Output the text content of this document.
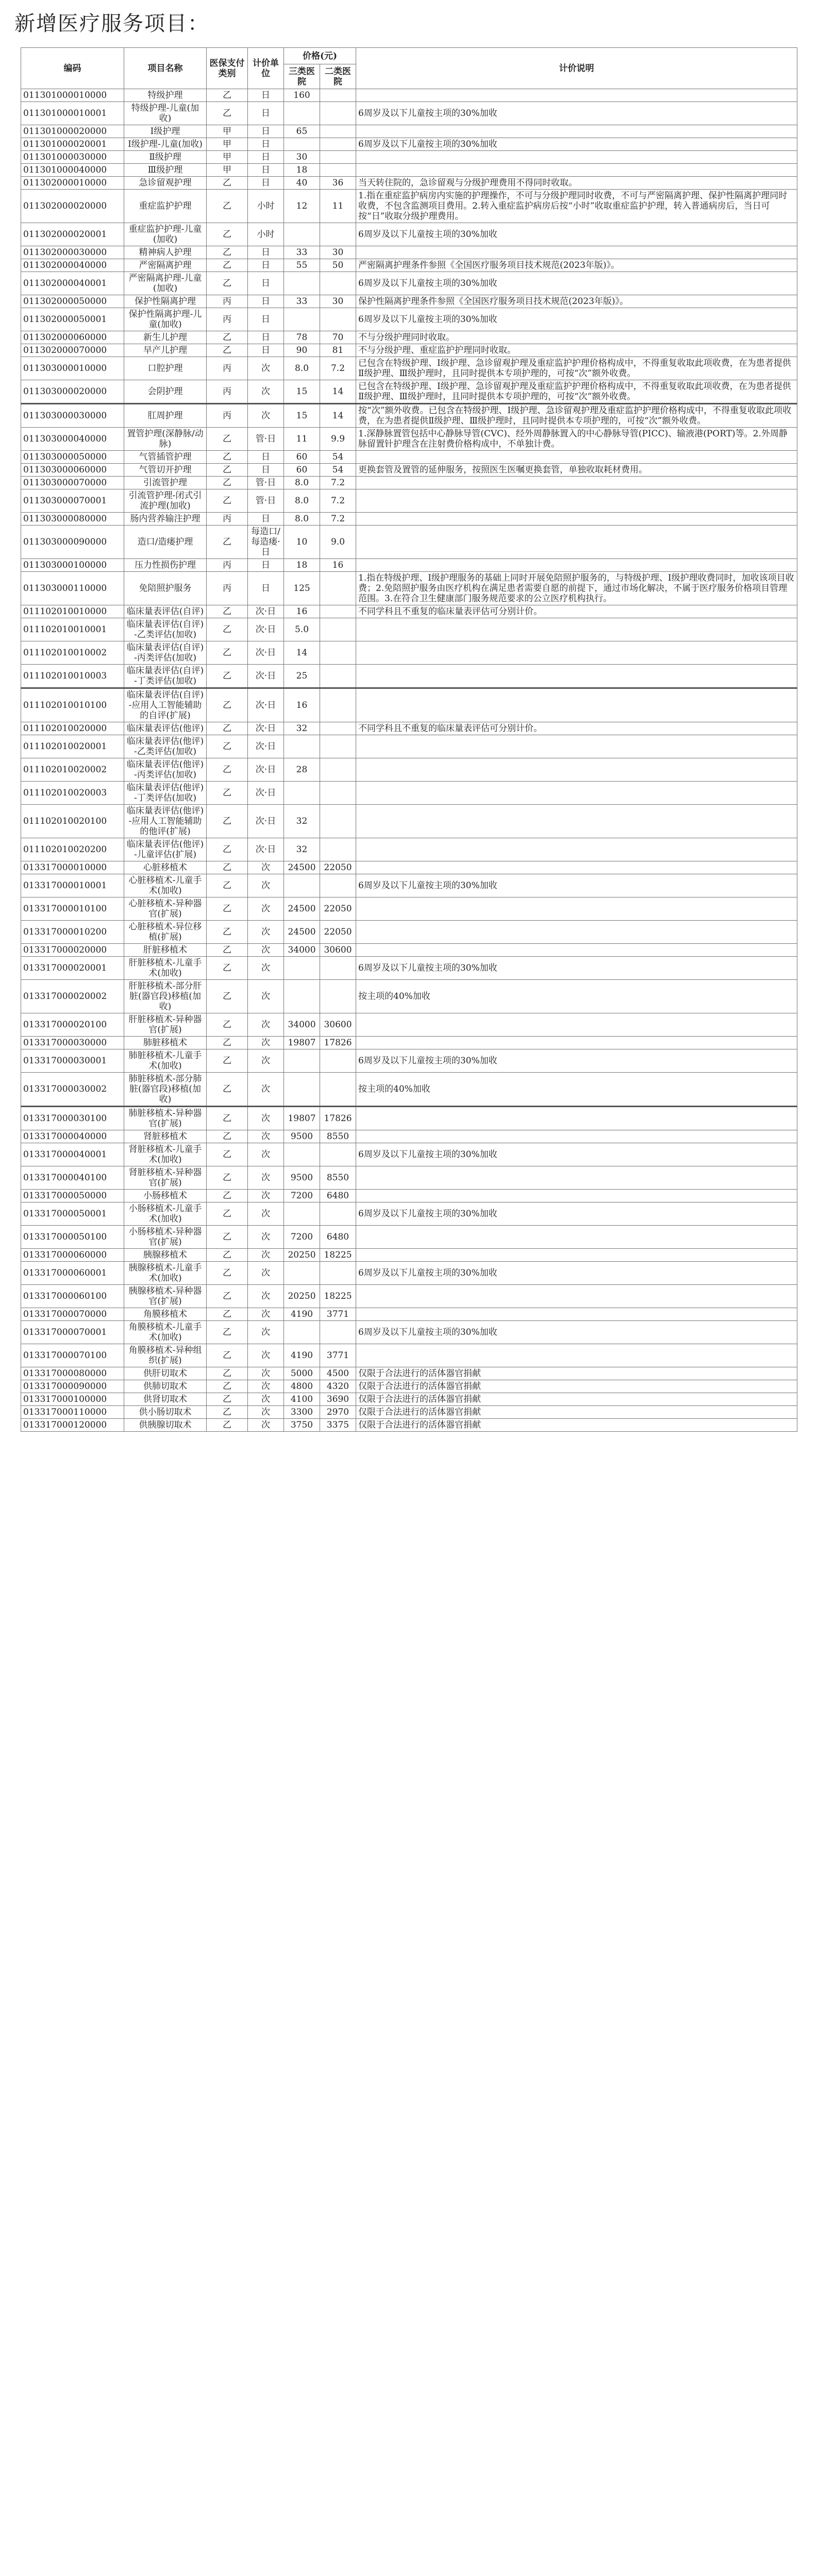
新增医疗服务项目：
编码	项目名称	医保支付类别	计价单位	价格(元)		计价说明
				三类医院	二类医院	
011301000010000	特级护理	乙	日	160		
011301000010001	特级护理-儿童(加收)	乙	日			6周岁及以下儿童按主项的30%加收
011301000020000	Ⅰ级护理	甲	日	65		
011301000020001	Ⅰ级护理-儿童(加收)	甲	日			6周岁及以下儿童按主项的30%加收
011301000030000	Ⅱ级护理	甲	日	30		
011301000040000	Ⅲ级护理	甲	日	18		
011302000010000	急诊留观护理	乙	日	40	36	当天转住院的，急诊留观与分级护理费用不得同时收取。
011302000020000	重症监护护理	乙	小时	12	11	1.指在重症监护病房内实施的护理操作，不可与分级护理同时收费，不可与严密隔离护理、保护性隔离护理同时收费，不包含监测项目费用。2.转入重症监护病房后按“小时”收取重症监护护理，转入普通病房后，当日可按“日”收取分级护理费用。
011302000020001	重症监护护理-儿童(加收)	乙	小时			6周岁及以下儿童按主项的30%加收
011302000030000	精神病人护理	乙	日	33	30	
011302000040000	严密隔离护理	乙	日	55	50	严密隔离护理条件参照《全国医疗服务项目技术规范(2023年版)》。
011302000040001	严密隔离护理-儿童(加收)	乙	日			6周岁及以下儿童按主项的30%加收
011302000050000	保护性隔离护理	丙	日	33	30	保护性隔离护理条件参照《全国医疗服务项目技术规范(2023年版)》。
011302000050001	保护性隔离护理-儿童(加收)	丙	日			6周岁及以下儿童按主项的30%加收
011302000060000	新生儿护理	乙	日	78	70	不与分级护理同时收取。
011302000070000	早产儿护理	乙	日	90	81	不与分级护理、重症监护护理同时收取。
011303000010000	口腔护理	丙	次	8.0	7.2	已包含在特级护理、Ⅰ级护理、急诊留观护理及重症监护护理价格构成中，不得重复收取此项收费，在为患者提供Ⅱ级护理、Ⅲ级护理时，且同时提供本专项护理的，可按“次”额外收费。
011303000020000	会阴护理	丙	次	15	14	已包含在特级护理、Ⅰ级护理、急诊留观护理及重症监护护理价格构成中，不得重复收取此项收费，在为患者提供Ⅱ级护理、Ⅲ级护理时，且同时提供本专项护理的，可按“次”额外收费。
011303000030000	肛周护理	丙	次	15	14	按“次”额外收费。已包含在特级护理、Ⅰ级护理、急诊留观护理及重症监护护理价格构成中，不得重复收取此项收费，在为患者提供Ⅱ级护理、Ⅲ级护理时，且同时提供本专项护理的，可按“次”额外收费。
011303000040000	置管护理(深静脉/动脉)	乙	管·日	11	9.9	1.深静脉置管包括中心静脉导管(CVC)、经外周静脉置入的中心静脉导管(PICC)、输液港(PORT)等。2.外周静脉留置针护理含在注射费价格构成中，不单独计费。
011303000050000	气管插管护理	乙	日	60	54	
011303000060000	气管切开护理	乙	日	60	54	更换套管及置管的延伸服务，按照医生医嘱更换套管，单独收取耗材费用。
011303000070000	引流管护理	乙	管·日	8.0	7.2	
011303000070001	引流管护理-闭式引流护理(加收)	乙	管·日	8.0	7.2	
011303000080000	肠内营养输注护理	丙	日	8.0	7.2	
011303000090000	造口/造瘘护理	乙	每造口/每造瘘·日	10	9.0	
011303000100000	压力性损伤护理	丙	日	18	16	
011303000110000	免陪照护服务	丙	日	125		1.指在特级护理、Ⅰ级护理服务的基础上同时开展免陪照护服务的，与特级护理、Ⅰ级护理收费同时，加收该项目收费；2.免陪照护服务由医疗机构在满足患者需要自愿的前提下，通过市场化解决，不属于医疗服务价格项目管理范围。3.在符合卫生健康部门服务规范要求的公立医疗机构执行。
011102010010000	临床量表评估(自评)	乙	次·日	16		不同学科且不重复的临床量表评估可分别计价。
011102010010001	临床量表评估(自评)-乙类评估(加收)	乙	次·日	5.0		
011102010010002	临床量表评估(自评)-丙类评估(加收)	乙	次·日	14		
011102010010003	临床量表评估(自评)-丁类评估(加收)	乙	次·日	25		
011102010010100	临床量表评估(自评)-应用人工智能辅助的自评(扩展)	乙	次·日	16		
011102010020000	临床量表评估(他评)	乙	次·日	32		不同学科且不重复的临床量表评估可分别计价。
011102010020001	临床量表评估(他评)-乙类评估(加收)	乙	次·日			
011102010020002	临床量表评估(他评)-丙类评估(加收)	乙	次·日	28		
011102010020003	临床量表评估(他评)-丁类评估(加收)	乙	次·日			
011102010020100	临床量表评估(他评)-应用人工智能辅助的他评(扩展)	乙	次·日	32		
011102010020200	临床量表评估(他评)-儿童评估(扩展)	乙	次·日	32		
013317000010000	心脏移植术	乙	次	24500	22050	
013317000010001	心脏移植术-儿童手术(加收)	乙	次			6周岁及以下儿童按主项的30%加收
013317000010100	心脏移植术-异种器官(扩展)	乙	次	24500	22050	
013317000010200	心脏移植术-异位移植(扩展)	乙	次	24500	22050	
013317000020000	肝脏移植术	乙	次	34000	30600	
013317000020001	肝脏移植术-儿童手术(加收)	乙	次			6周岁及以下儿童按主项的30%加收
013317000020002	肝脏移植术-部分肝脏(器官段)移植(加收)	乙	次			按主项的40%加收
013317000020100	肝脏移植术-异种器官(扩展)	乙	次	34000	30600	
013317000030000	肺脏移植术	乙	次	19807	17826	
013317000030001	肺脏移植术-儿童手术(加收)	乙	次			6周岁及以下儿童按主项的30%加收
013317000030002	肺脏移植术-部分肺脏(器官段)移植(加收)	乙	次			按主项的40%加收
013317000030100	肺脏移植术-异种器官(扩展)	乙	次	19807	17826	
013317000040000	肾脏移植术	乙	次	9500	8550	
013317000040001	肾脏移植术-儿童手术(加收)	乙	次			6周岁及以下儿童按主项的30%加收
013317000040100	肾脏移植术-异种器官(扩展)	乙	次	9500	8550	
013317000050000	小肠移植术	乙	次	7200	6480	
013317000050001	小肠移植术-儿童手术(加收)	乙	次			6周岁及以下儿童按主项的30%加收
013317000050100	小肠移植术-异种器官(扩展)	乙	次	7200	6480	
013317000060000	胰腺移植术	乙	次	20250	18225	
013317000060001	胰腺移植术-儿童手术(加收)	乙	次			6周岁及以下儿童按主项的30%加收
013317000060100	胰腺移植术-异种器官(扩展)	乙	次	20250	18225	
013317000070000	角膜移植术	乙	次	4190	3771	
013317000070001	角膜移植术-儿童手术(加收)	乙	次			6周岁及以下儿童按主项的30%加收
013317000070100	角膜移植术-异种组织(扩展)	乙	次	4190	3771	
013317000080000	供肝切取术	乙	次	5000	4500	仅限于合法进行的活体器官捐献
013317000090000	供肺切取术	乙	次	4800	4320	仅限于合法进行的活体器官捐献
013317000100000	供肾切取术	乙	次	4100	3690	仅限于合法进行的活体器官捐献
013317000110000	供小肠切取术	乙	次	3300	2970	仅限于合法进行的活体器官捐献
013317000120000	供胰腺切取术	乙	次	3750	3375	仅限于合法进行的活体器官捐献
